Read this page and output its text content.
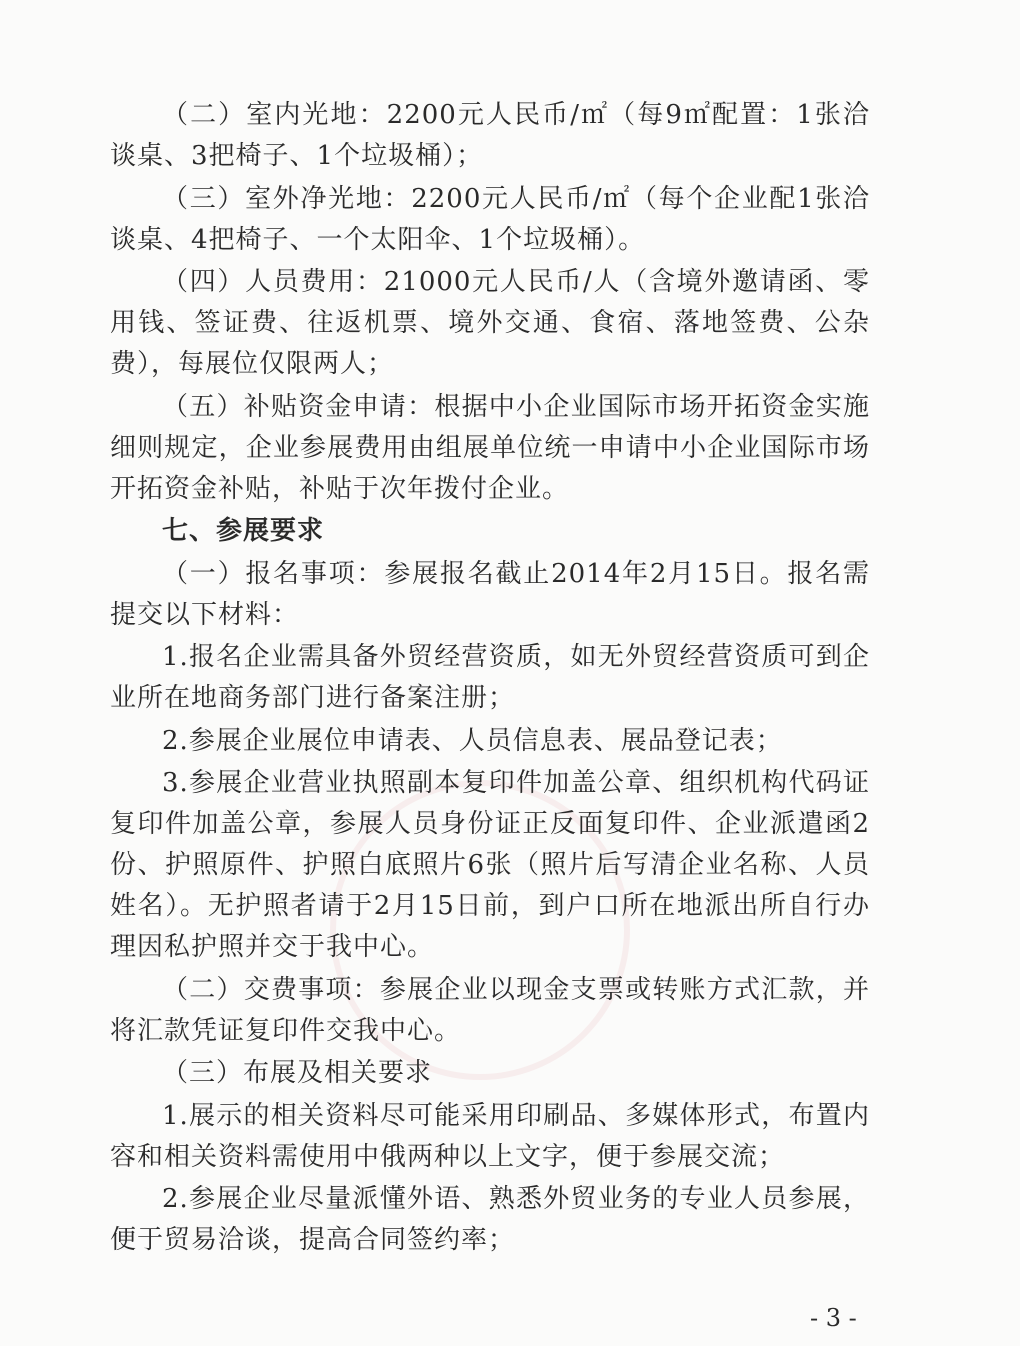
（二）室内光地：2200元人民币/㎡（每9㎡配置：1张洽谈桌、3把椅子、1个垃圾桶）；

（三）室外净光地：2200元人民币/㎡（每个企业配1张洽谈桌、4把椅子、一个太阳伞、1个垃圾桶）。

（四）人员费用：21000元人民币/人（含境外邀请函、零用钱、签证费、往返机票、境外交通、食宿、落地签费、公杂费），每展位仅限两人；

（五）补贴资金申请：根据中小企业国际市场开拓资金实施细则规定，企业参展费用由组展单位统一申请中小企业国际市场开拓资金补贴，补贴于次年拨付企业。

七、参展要求

（一）报名事项：参展报名截止2014年2月15日。报名需提交以下材料：

1.报名企业需具备外贸经营资质，如无外贸经营资质可到企业所在地商务部门进行备案注册；

2.参展企业展位申请表、人员信息表、展品登记表；

3.参展企业营业执照副本复印件加盖公章、组织机构代码证复印件加盖公章，参展人员身份证正反面复印件、企业派遣函2份、护照原件、护照白底照片6张（照片后写清企业名称、人员姓名）。无护照者请于2月15日前，到户口所在地派出所自行办理因私护照并交于我中心。

（二）交费事项：参展企业以现金支票或转账方式汇款，并将汇款凭证复印件交我中心。

（三）布展及相关要求

1.展示的相关资料尽可能采用印刷品、多媒体形式，布置内容和相关资料需使用中俄两种以上文字，便于参展交流；

2.参展企业尽量派懂外语、熟悉外贸业务的专业人员参展，便于贸易洽谈，提高合同签约率；

- 3 -
